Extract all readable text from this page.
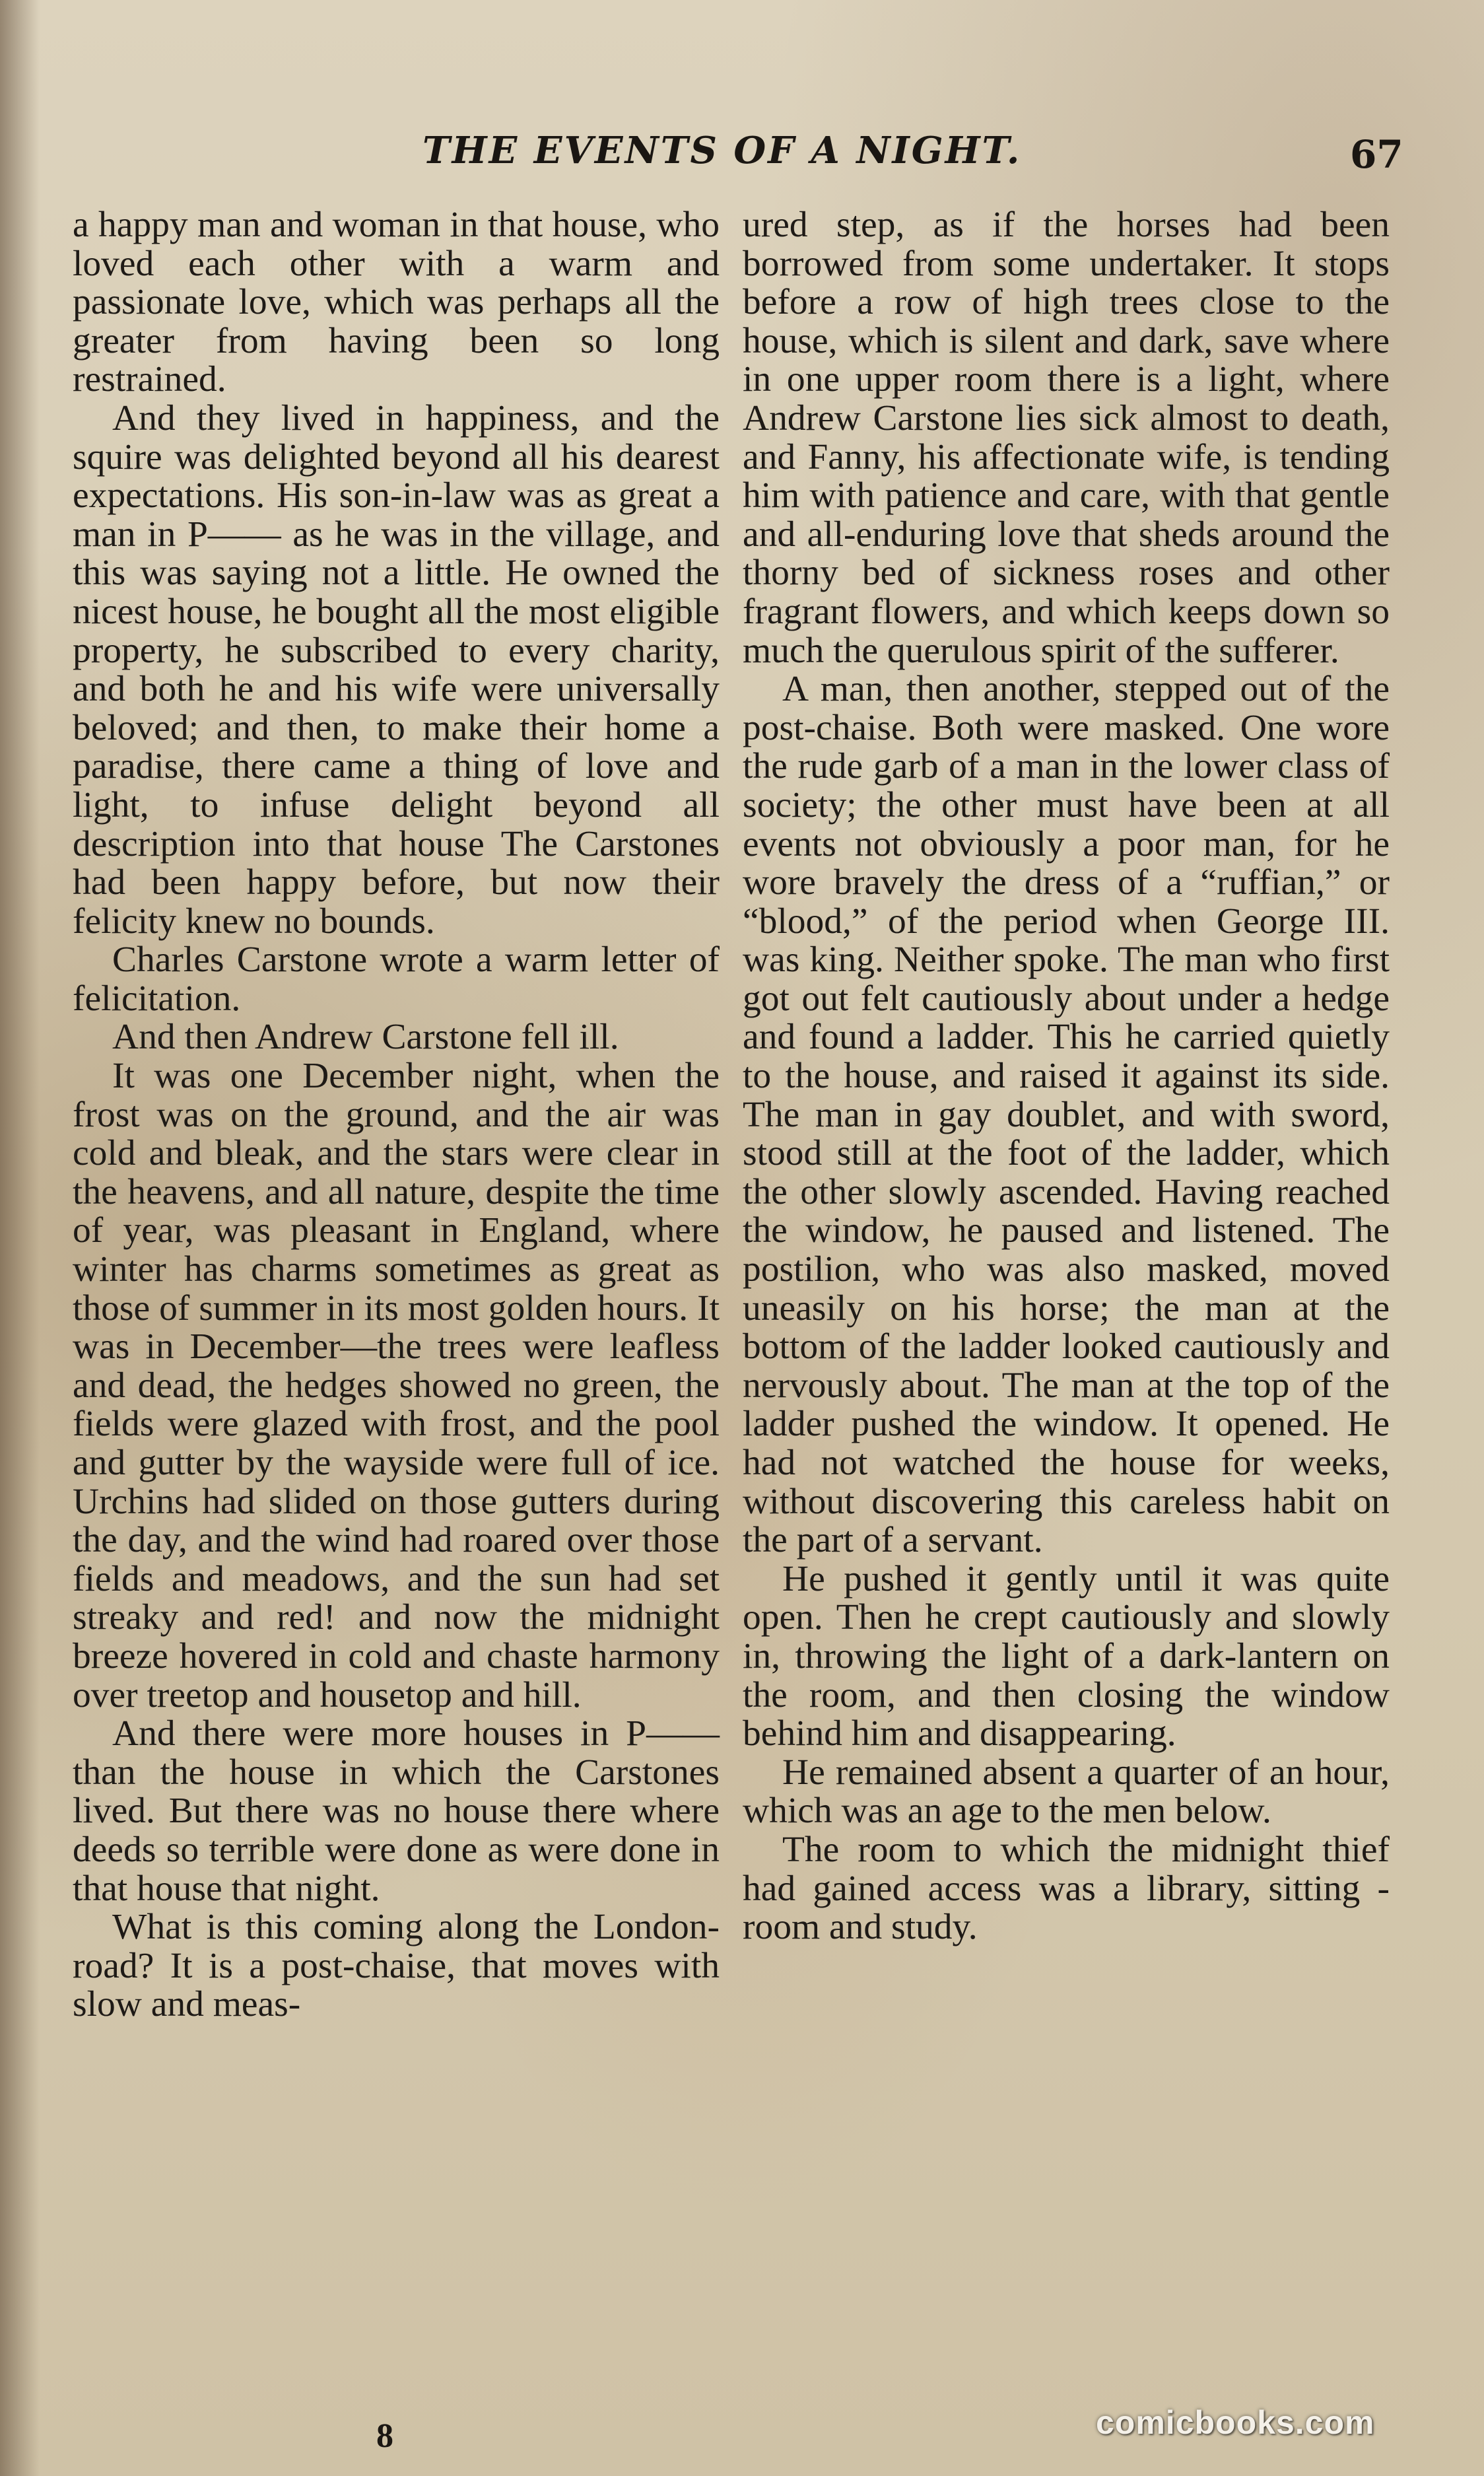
THE EVENTS OF A NIGHT.	67

a happy man and woman in that house, who loved each other with a warm and passionate love, which was perhaps all the greater from having been so long restrained.

And they lived in happiness, and the squire was delighted beyond all his dearest expectations. His son-in-law was as great a man in P—— as he was in the village, and this was saying not a little. He owned the nicest house, he bought all the most eligible property, he subscribed to every charity, and both he and his wife were universally beloved; and then, to make their home a paradise, there came a thing of love and light, to infuse delight beyond all description into that house The Carstones had been happy before, but now their felicity knew no bounds.

Charles Carstone wrote a warm letter of felicitation.

And then Andrew Carstone fell ill.

It was one December night, when the frost was on the ground, and the air was cold and bleak, and the stars were clear in the heavens, and all nature, despite the time of year, was pleasant in England, where winter has charms sometimes as great as those of summer in its most golden hours. It was in December—the trees were leafless and dead, the hedges showed no green, the fields were glazed with frost, and the pool and gutter by the wayside were full of ice. Urchins had slided on those gutters during the day, and the wind had roared over those fields and meadows, and the sun had set streaky and red! and now the midnight breeze hovered in cold and chaste harmony over treetop and housetop and hill.

And there were more houses in P—— than the house in which the Carstones lived. But there was no house there where deeds so terrible were done as were done in that house that night.

What is this coming along the London-road? It is a post-chaise, that moves with slow and meas-

ured step, as if the horses had been borrowed from some undertaker. It stops before a row of high trees close to the house, which is silent and dark, save where in one upper room there is a light, where Andrew Carstone lies sick almost to death, and Fanny, his affectionate wife, is tending him with patience and care, with that gentle and all-enduring love that sheds around the thorny bed of sickness roses and other fragrant flowers, and which keeps down so much the querulous spirit of the sufferer.

A man, then another, stepped out of the post-chaise. Both were masked. One wore the rude garb of a man in the lower class of society; the other must have been at all events not obviously a poor man, for he wore bravely the dress of a “ruffian,” or “blood,” of the period when George III. was king. Neither spoke. The man who first got out felt cautiously about under a hedge and found a ladder. This he carried quietly to the house, and raised it against its side. The man in gay doublet, and with sword, stood still at the foot of the ladder, which the other slowly ascended. Having reached the window, he paused and listened. The postilion, who was also masked, moved uneasily on his horse; the man at the bottom of the ladder looked cautiously and nervously about. The man at the top of the ladder pushed the window. It opened. He had not watched the house for weeks, without discovering this careless habit on the part of a servant.

He pushed it gently until it was quite open. Then he crept cautiously and slowly in, throwing the light of a dark-lantern on the room, and then closing the window behind him and disappearing.

He remained absent a quarter of an hour, which was an age to the men below.

The room to which the midnight thief had gained access was a library, sitting - room and study.

8	comicbooks.com
